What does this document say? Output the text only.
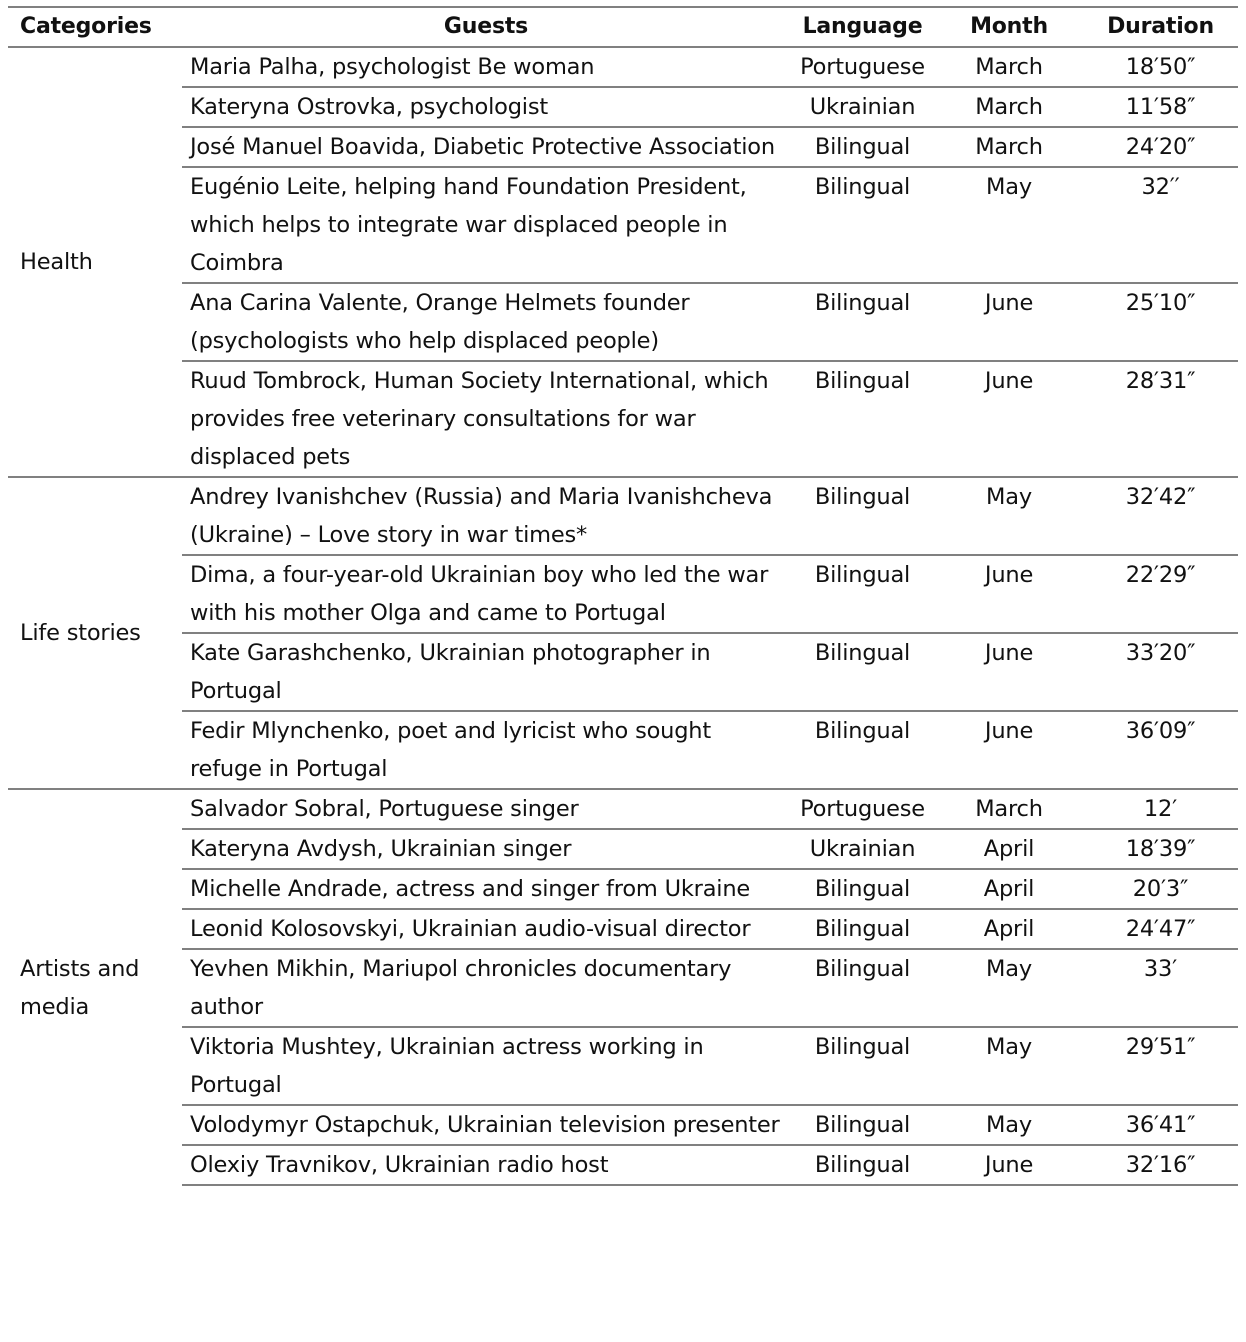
Categories	Guests	Language	Month	Duration
Health	Maria Palha, psychologist Be woman	Portuguese	March	18′50″
	Kateryna Ostrovka, psychologist	Ukrainian	March	11′58″
	José Manuel Boavida, Diabetic Protective Association	Bilingual	March	24′20″
	Eugénio Leite, helping hand Foundation President, which helps to integrate war displaced people in Coimbra	Bilingual	May	32′′
	Ana Carina Valente, Orange Helmets founder (psychologists who help displaced people)	Bilingual	June	25′10″
	Ruud Tombrock, Human Society International, which provides free veterinary consultations for war displaced pets	Bilingual	June	28′31″
Life stories	Andrey Ivanishchev (Russia) and Maria Ivanishcheva (Ukraine) – Love story in war times*	Bilingual	May	32′42″
	Dima, a four-year-old Ukrainian boy who led the war with his mother Olga and came to Portugal	Bilingual	June	22′29″
	Kate Garashchenko, Ukrainian photographer in Portugal	Bilingual	June	33′20″
	Fedir Mlynchenko, poet and lyricist who sought refuge in Portugal	Bilingual	June	36′09″
Artists and media	Salvador Sobral, Portuguese singer	Portuguese	March	12′
	Kateryna Avdysh, Ukrainian singer	Ukrainian	April	18′39″
	Michelle Andrade, actress and singer from Ukraine	Bilingual	April	20′3″
	Leonid Kolosovskyi, Ukrainian audio-visual director	Bilingual	April	24′47″
	Yevhen Mikhin, Mariupol chronicles documentary author	Bilingual	May	33′
	Viktoria Mushtey, Ukrainian actress working in Portugal	Bilingual	May	29′51″
	Volodymyr Ostapchuk, Ukrainian television presenter	Bilingual	May	36′41″
	Olexiy Travnikov, Ukrainian radio host	Bilingual	June	32′16″
